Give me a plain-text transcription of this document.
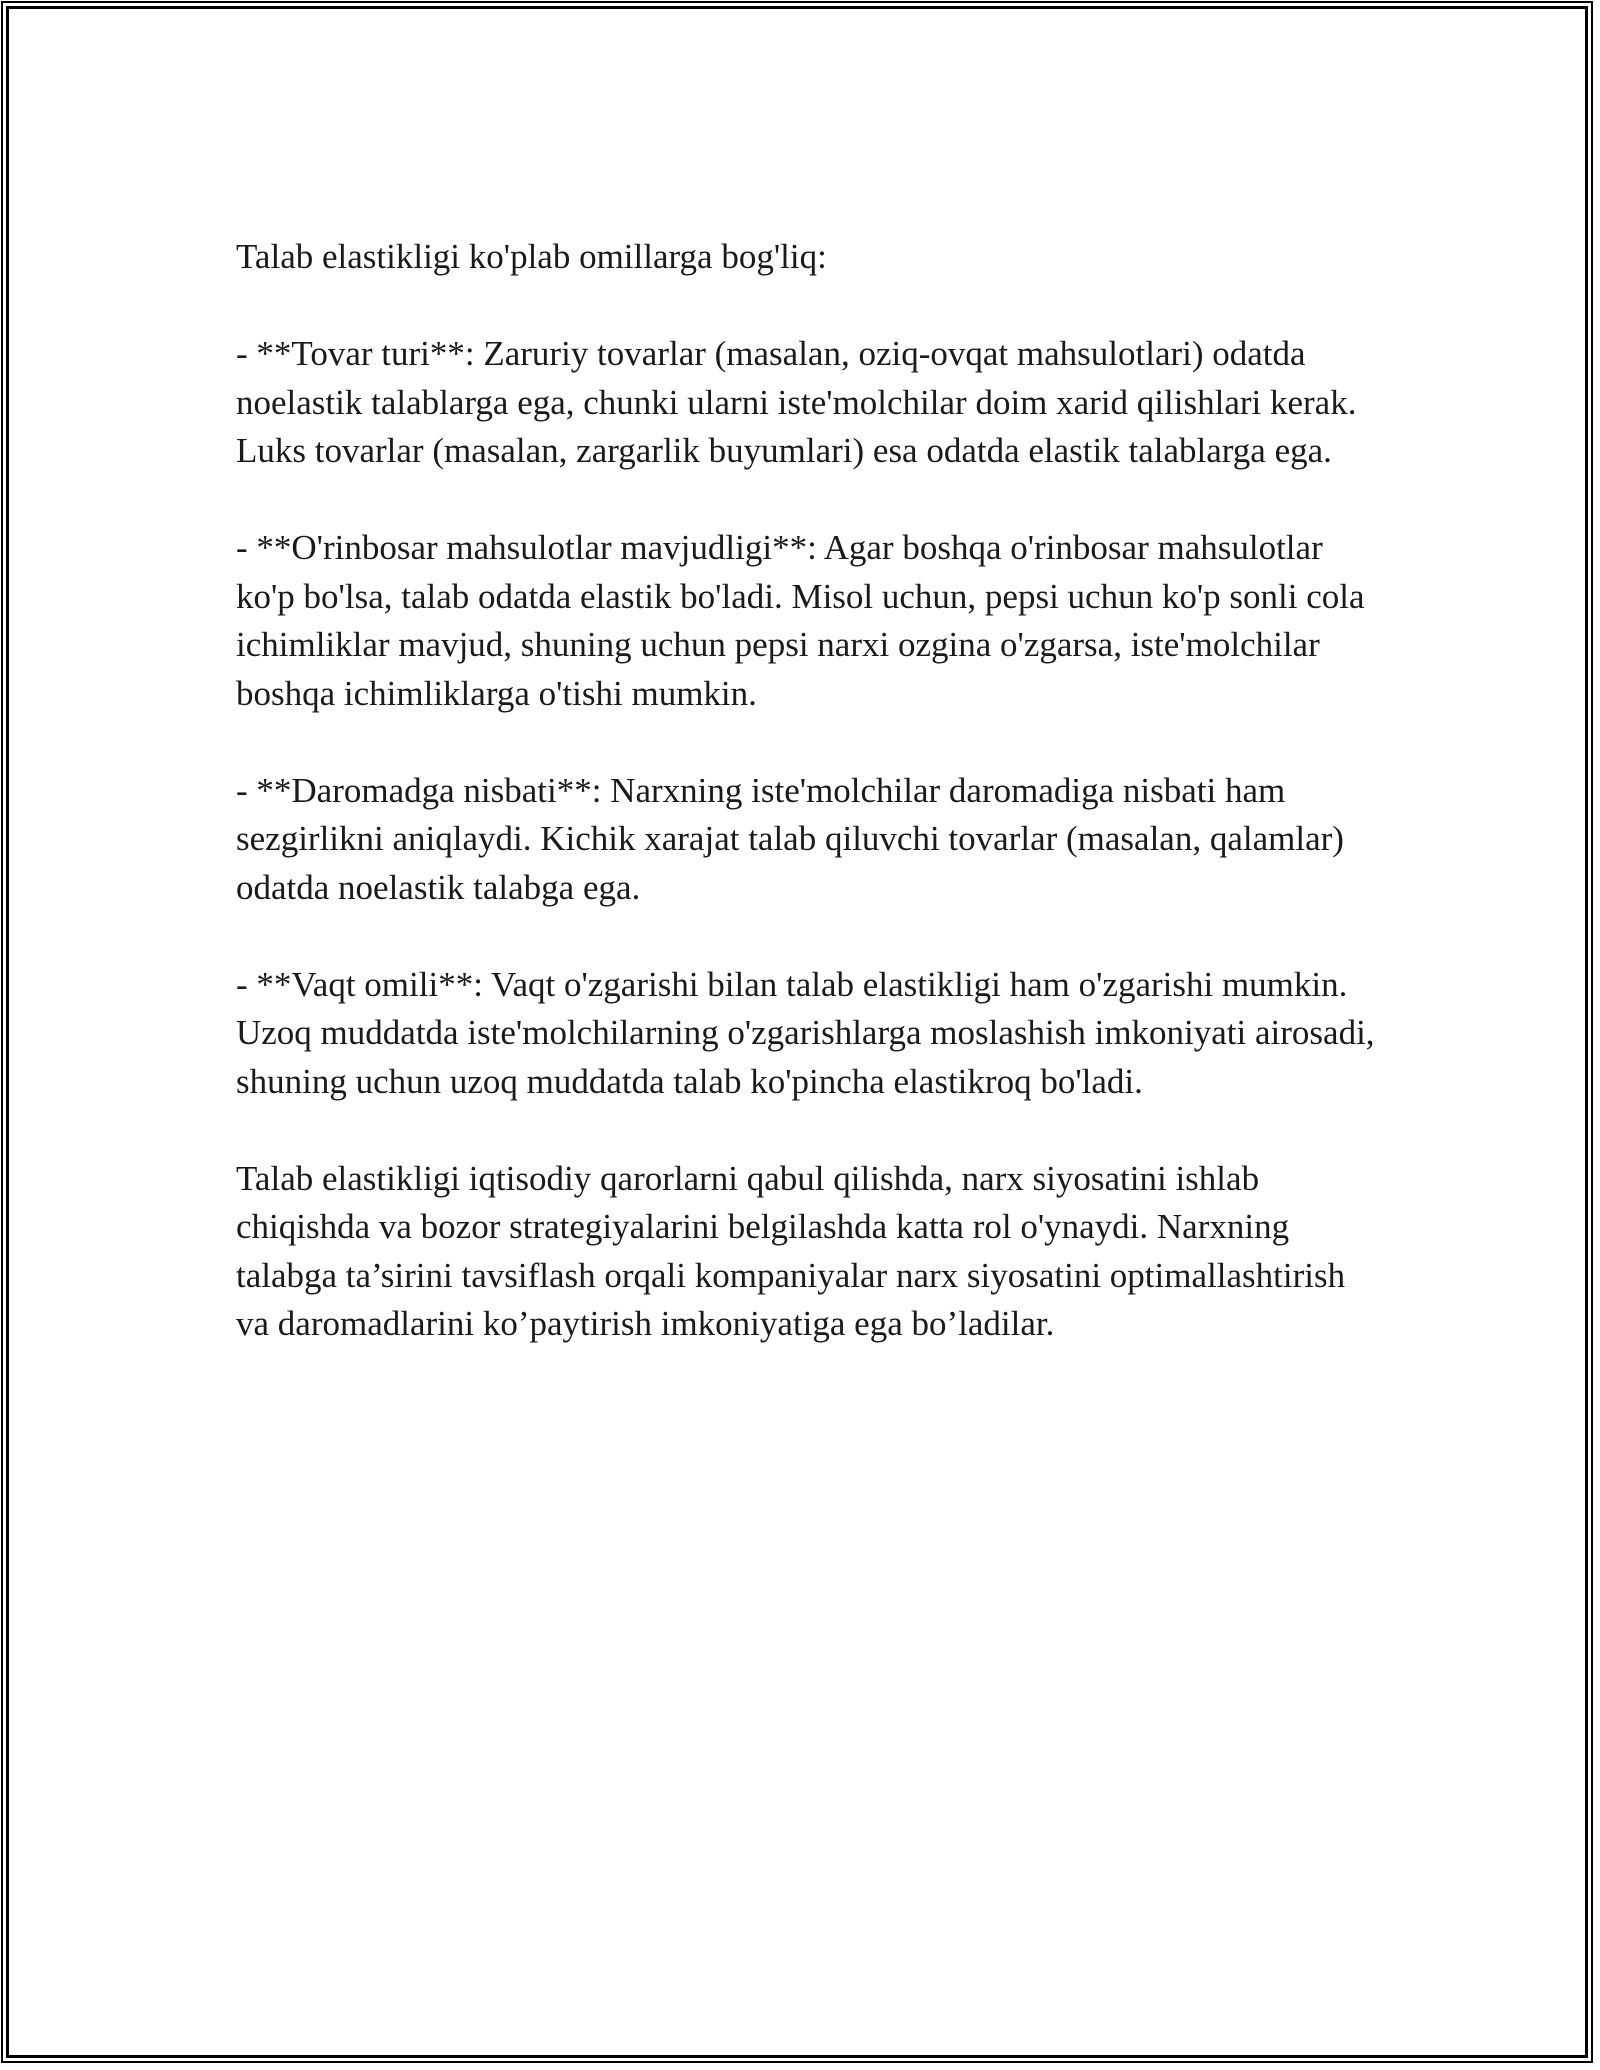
Talab elastikligi ko'plab omillarga bog'liq:

- **Tovar turi**: Zaruriy tovarlar (masalan, oziq-ovqat mahsulotlari) odatda noelastik talablarga ega, chunki ularni iste'molchilar doim xarid qilishlari kerak. Luks tovarlar (masalan, zargarlik buyumlari) esa odatda elastik talablarga ega.

- **O'rinbosar mahsulotlar mavjudligi**: Agar boshqa o'rinbosar mahsulotlar ko'p bo'lsa, talab odatda elastik bo'ladi. Misol uchun, pepsi uchun ko'p sonli cola ichimliklar mavjud, shuning uchun pepsi narxi ozgina o'zgarsa, iste'molchilar boshqa ichimliklarga o'tishi mumkin.

- **Daromadga nisbati**: Narxning iste'molchilar daromadiga nisbati ham sezgirlikni aniqlaydi. Kichik xarajat talab qiluvchi tovarlar (masalan, qalamlar) odatda noelastik talabga ega.

- **Vaqt omili**: Vaqt o'zgarishi bilan talab elastikligi ham o'zgarishi mumkin. Uzoq muddatda iste'molchilarning o'zgarishlarga moslashish imkoniyati airosadi, shuning uchun uzoq muddatda talab ko'pincha elastikroq bo'ladi.

Talab elastikligi iqtisodiy qarorlarni qabul qilishda, narx siyosatini ishlab chiqishda va bozor strategiyalarini belgilashda katta rol o'ynaydi. Narxning talabga ta’sirini tavsiflash orqali kompaniyalar narx siyosatini optimallashtirish va daromadlarini ko’paytirish imkoniyatiga ega bo’ladilar.
